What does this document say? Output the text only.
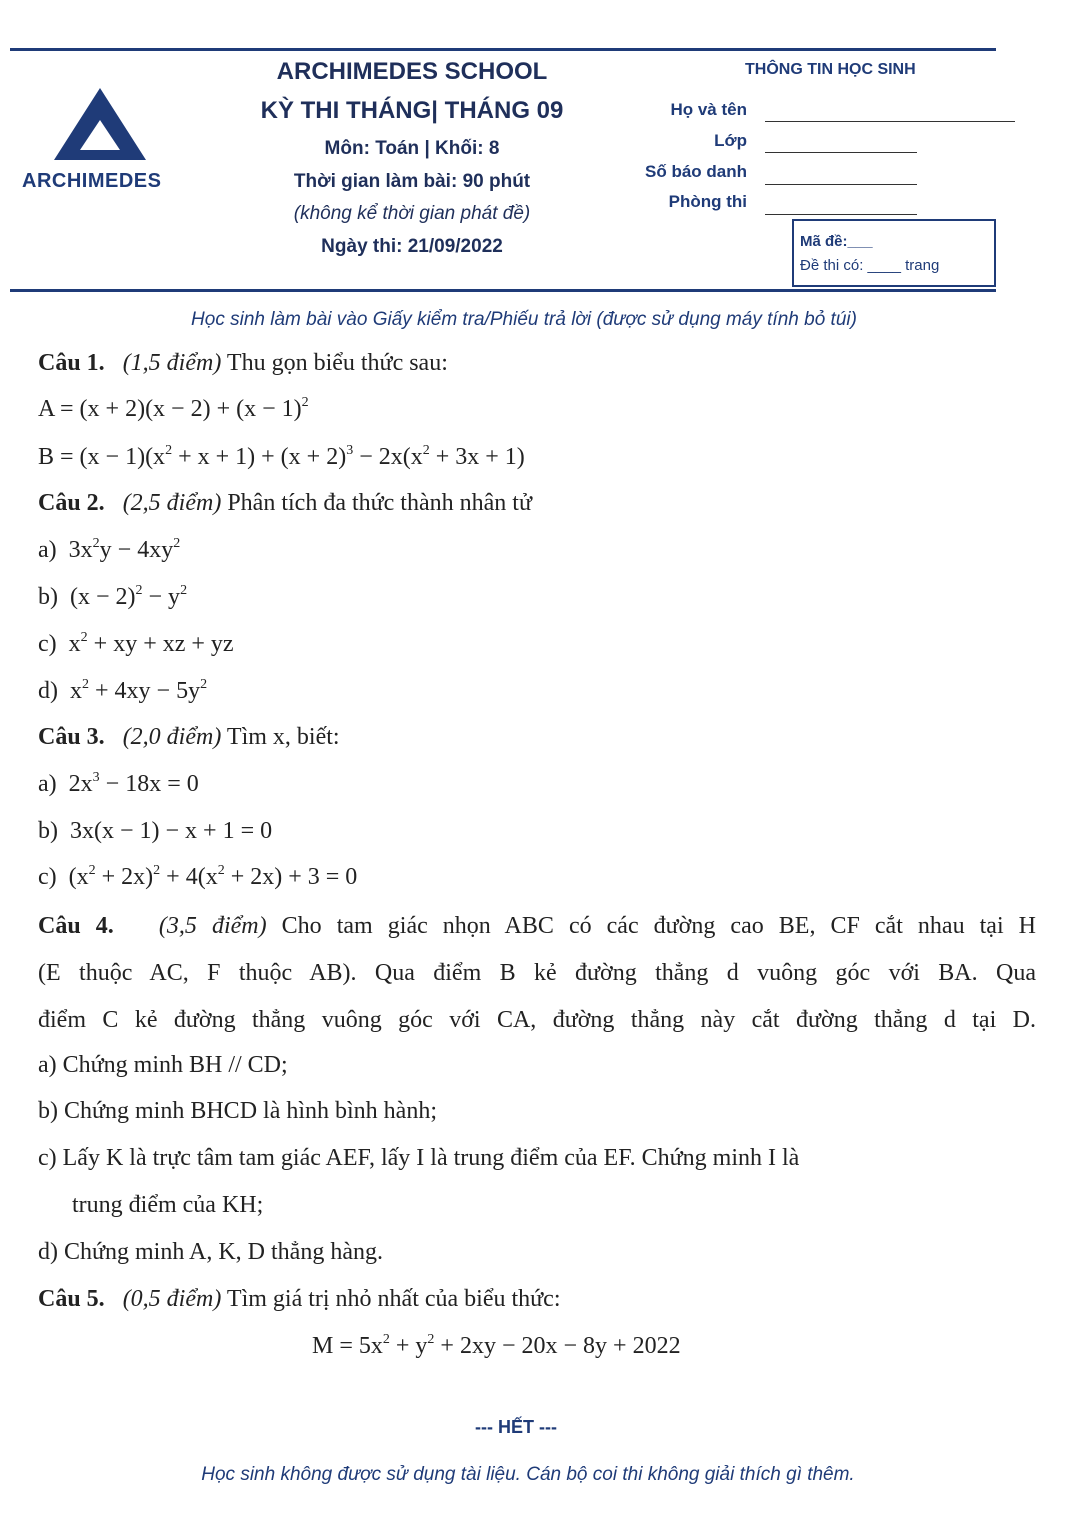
ARCHIMEDES
ARCHIMEDES SCHOOL
KỲ THI THÁNG| THÁNG 09
Môn: Toán | Khối: 8
Thời gian làm bài: 90 phút
(không kể thời gian phát đề)
Ngày thi: 21/09/2022
THÔNG TIN HỌC SINH
Họ và tên
Lớp
Số báo danh
Phòng thi
Mã đề:___
Đề thi có: ____ trang
Học sinh làm bài vào Giấy kiểm tra/Phiếu trả lời (được sử dụng máy tính bỏ túi)
Câu 1. (1,5 điểm) Thu gọn biểu thức sau:
$A = (x + 2)(x - 2) + (x - 1)^2$
$B = (x - 1)(x^2 + x + 1) + (x + 2)^3 - 2x(x^2 + 3x + 1)$
Câu 2. (2,5 điểm) Phân tích đa thức thành nhân tử
a)  $3x^2y - 4xy^2$
b)  $(x - 2)^2 - y^2$
c)  $x^2$ + xy + xz + yz
d)  $x^2 + 4xy - 5y^2$
Câu 3. (2,0 điểm) Tìm x, biết:
a)  $2x^3 - 18x = 0$
b)  3x(x − 1) − x + 1 = 0
c)  $(x^2 + 2x)^2 + 4(x^2 + 2x) + 3 = 0$
Câu 4. (3,5 điểm) Cho tam giác nhọn ABC có các đường cao BE, CF cắt nhau tại H
(E thuộc AC, F thuộc AB). Qua điểm B kẻ đường thẳng d vuông góc với BA. Qua
điểm C kẻ đường thẳng vuông góc với CA, đường thẳng này cắt đường thẳng d tại D.
a) Chứng minh BH // CD;
b) Chứng minh BHCD là hình bình hành;
c) Lấy K là trực tâm tam giác AEF, lấy I là trung điểm của EF. Chứng minh I là
trung điểm của KH;
d) Chứng minh A, K, D thẳng hàng.
Câu 5. (0,5 điểm) Tìm giá trị nhỏ nhất của biểu thức:
$M = 5x^2 + y^2 + 2xy - 20x - 8y + 2022$
--- HẾT ---
Học sinh không được sử dụng tài liệu. Cán bộ coi thi không giải thích gì thêm.
